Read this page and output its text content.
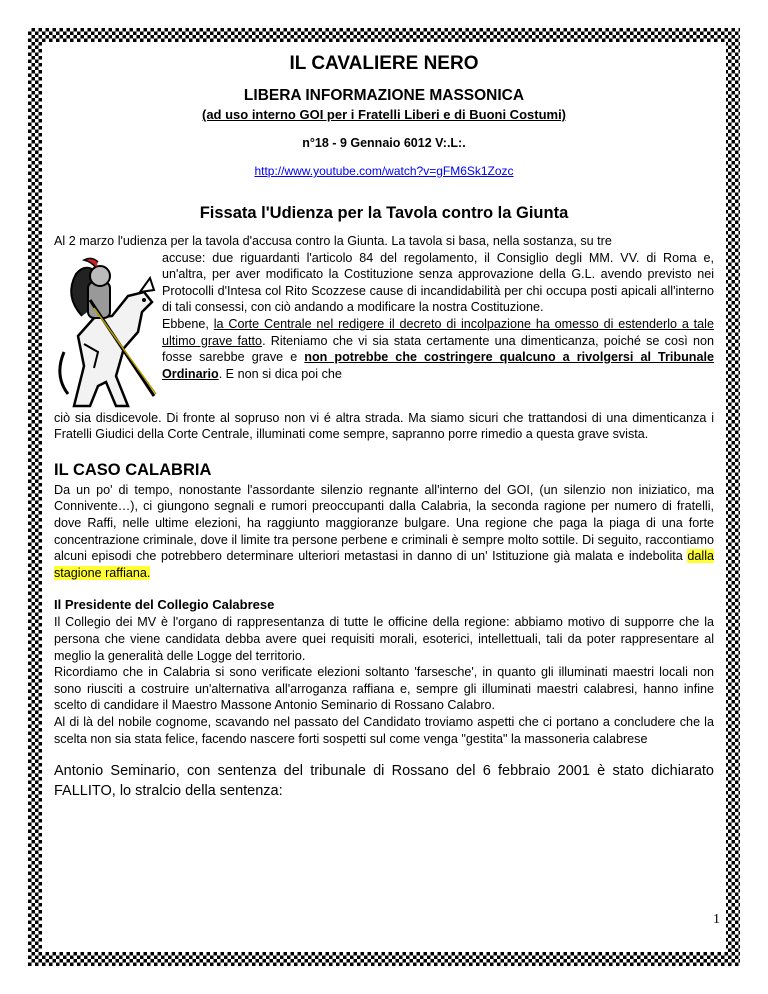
IL CAVALIERE NERO
LIBERA INFORMAZIONE MASSONICA
(ad uso interno GOI per i Fratelli Liberi e di Buoni Costumi)
n°18 - 9 Gennaio 6012 V:.L:.
http://www.youtube.com/watch?v=gFM6Sk1Zozc
Fissata l'Udienza per la Tavola contro la Giunta

Al 2 marzo l'udienza per la tavola d'accusa contro la Giunta. La tavola si basa, nella sostanza, su tre

accuse: due riguardanti l'articolo 84 del regolamento, il Consiglio degli MM. VV. di Roma e, un'altra, per aver modificato la Costituzione senza approvazione della G.L. avendo previsto nei Protocolli d'Intesa col Rito Scozzese cause di incandidabilità per chi occupa posti apicali all'interno di tali consessi, con ciò andando a modificare la nostra Costituzione.

Ebbene, la Corte Centrale nel redigere il decreto di incolpazione ha omesso di estenderlo a tale ultimo grave fatto. Riteniamo che vi sia stata certamente una dimenticanza, poiché se così non fosse sarebbe grave e non potrebbe che costringere qualcuno a rivolgersi al Tribunale Ordinario. E non si dica poi che

ciò sia disdicevole. Di fronte al sopruso non vi é altra strada. Ma siamo sicuri che trattandosi di una dimenticanza i Fratelli Giudici della Corte Centrale, illuminati come sempre, sapranno porre rimedio a questa grave svista.

IL CASO CALABRIA

Da un po' di tempo, nonostante l'assordante silenzio regnante all'interno del GOI, (un silenzio non iniziatico, ma Connivente…), ci giungono segnali e rumori preoccupanti dalla Calabria, la seconda ragione per numero di fratelli, dove Raffi, nelle ultime elezioni, ha raggiunto maggioranze bulgare. Una regione che paga la piaga di una forte concentrazione criminale, dove il limite tra persone perbene e criminali è sempre molto sottile. Di seguito, raccontiamo alcuni episodi che potrebbero determinare ulteriori metastasi in danno di un' Istituzione già malata e indebolita dalla stagione raffiana.

Il Presidente del Collegio Calabrese

Il Collegio dei MV è l'organo di rappresentanza di tutte le officine della regione: abbiamo motivo di supporre che la persona che viene candidata debba avere quei requisiti morali, esoterici, intellettuali, tali da poter rappresentare al meglio la generalità delle Logge del territorio.

Ricordiamo che in Calabria si sono verificate elezioni soltanto 'farsesche', in quanto gli illuminati maestri locali non sono riusciti a costruire un'alternativa all'arroganza raffiana e, sempre gli illuminati maestri calabresi, hanno infine scelto di candidare il Maestro Massone Antonio Seminario di Rossano Calabro.

Al di là del nobile cognome, scavando nel passato del Candidato troviamo aspetti che ci portano a concludere che la scelta non sia stata felice, facendo nascere forti sospetti sul come venga "gestita" la massoneria calabrese

Antonio Seminario, con sentenza del tribunale di Rossano del 6 febbraio 2001 è stato dichiarato FALLITO, lo stralcio della sentenza:
1
